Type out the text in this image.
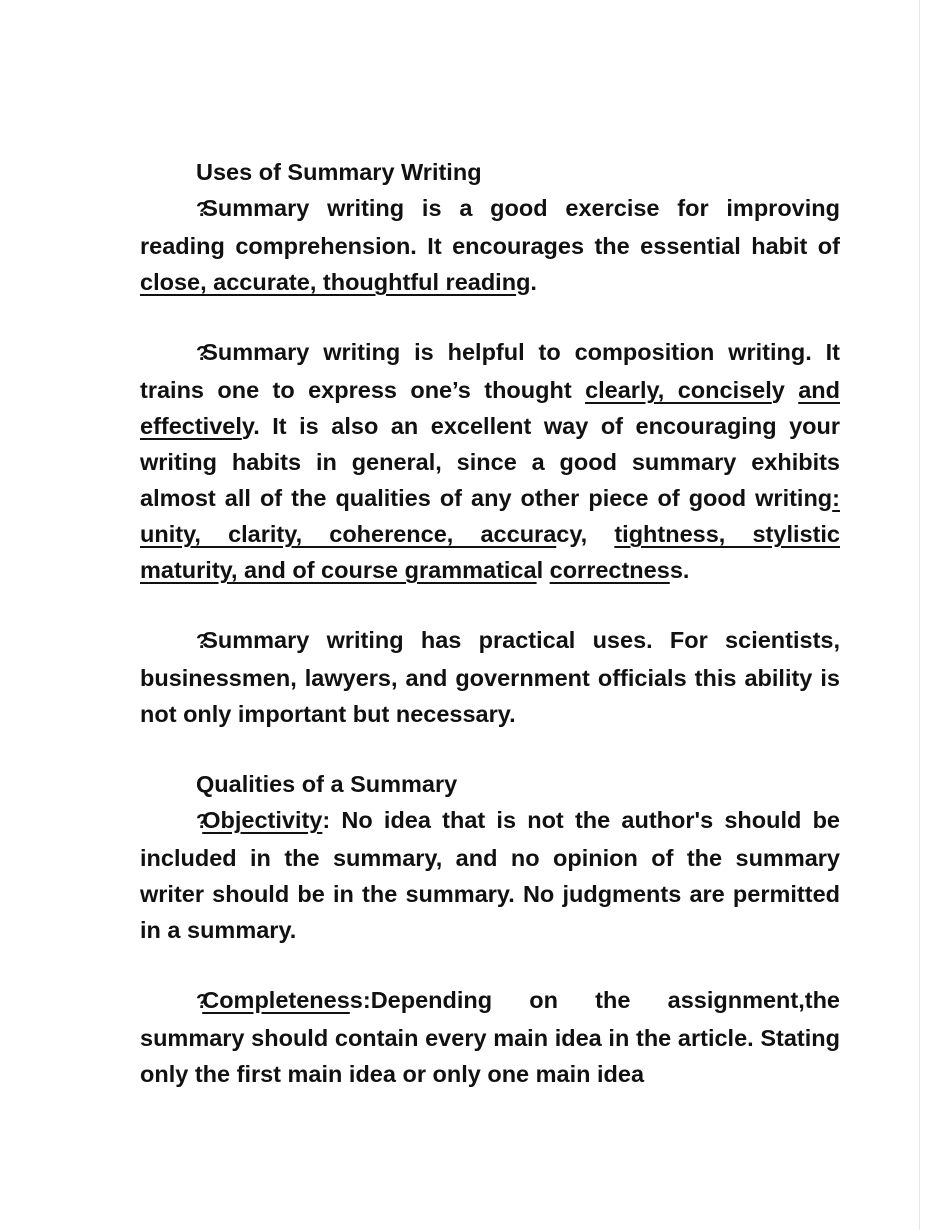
Uses of Summary Writing

?Summary writing is a good exercise for improving reading comprehension. It encourages the essential habit of close, accurate, thoughtful reading.

?Summary writing is helpful to composition writing. It trains one to express one’s thought clearly, concisely and effectively. It is also an excellent way of encouraging your writing habits in general, since a good summary exhibits almost all of the qualities of any other piece of good writing: unity, clarity, coherence, accuracy, tightness, stylistic maturity, and of course grammatical correctness.

?Summary writing has practical uses. For scientists, businessmen, lawyers, and government officials this ability is not only important but necessary.

Qualities of a Summary

?Objectivity: No idea that is not the author's should be included in the summary, and no opinion of the summary writer should be in the summary. No judgments are permitted in a summary.

?Completeness:Depending on the assignment,the summary should contain every main idea in the article. Stating only the first main idea or only one main idea
